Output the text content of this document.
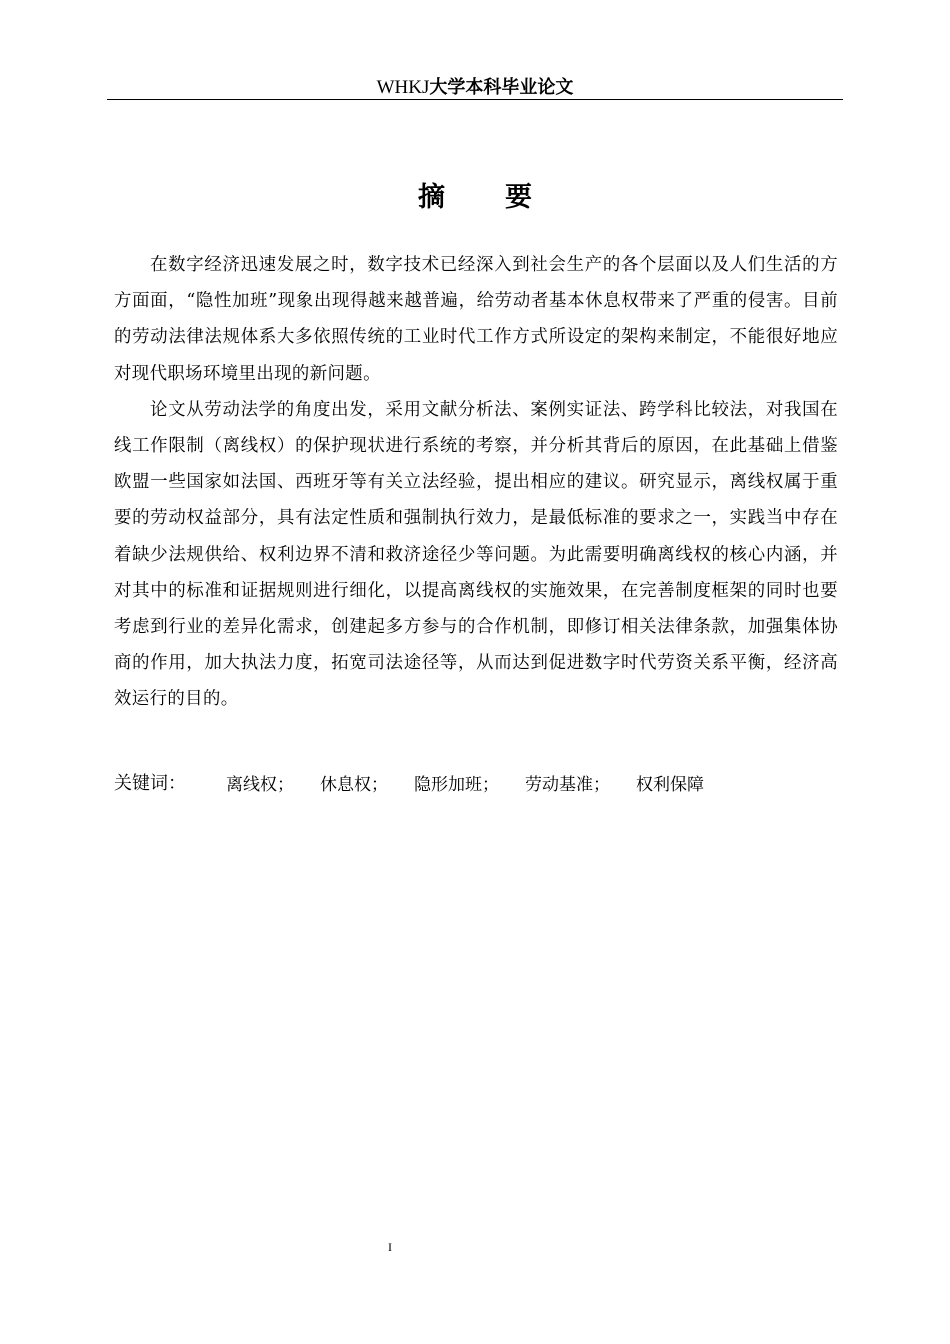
WHKJ大学本科毕业论文
摘要

在数字经济迅速发展之时，数字技术已经深入到社会生产的各个层面以及人们生活的方方面面，“隐性加班”现象出现得越来越普遍，给劳动者基本休息权带来了严重的侵害。目前的劳动法律法规体系大多依照传统的工业时代工作方式所设定的架构来制定，不能很好地应对现代职场环境里出现的新问题。

论文从劳动法学的角度出发，采用文献分析法、案例实证法、跨学科比较法，对我国在线工作限制（离线权）的保护现状进行系统的考察，并分析其背后的原因，在此基础上借鉴欧盟一些国家如法国、西班牙等有关立法经验，提出相应的建议。研究显示，离线权属于重要的劳动权益部分，具有法定性质和强制执行效力，是最低标准的要求之一，实践当中存在着缺少法规供给、权利边界不清和救济途径少等问题。为此需要明确离线权的核心内涵，并对其中的标准和证据规则进行细化，以提高离线权的实施效果，在完善制度框架的同时也要考虑到行业的差异化需求，创建起多方参与的合作机制，即修订相关法律条款，加强集体协商的作用，加大执法力度，拓宽司法途径等，从而达到促进数字时代劳资关系平衡，经济高效运行的目的。

关键词：	离线权； 休息权； 隐形加班； 劳动基准； 权利保障
I
